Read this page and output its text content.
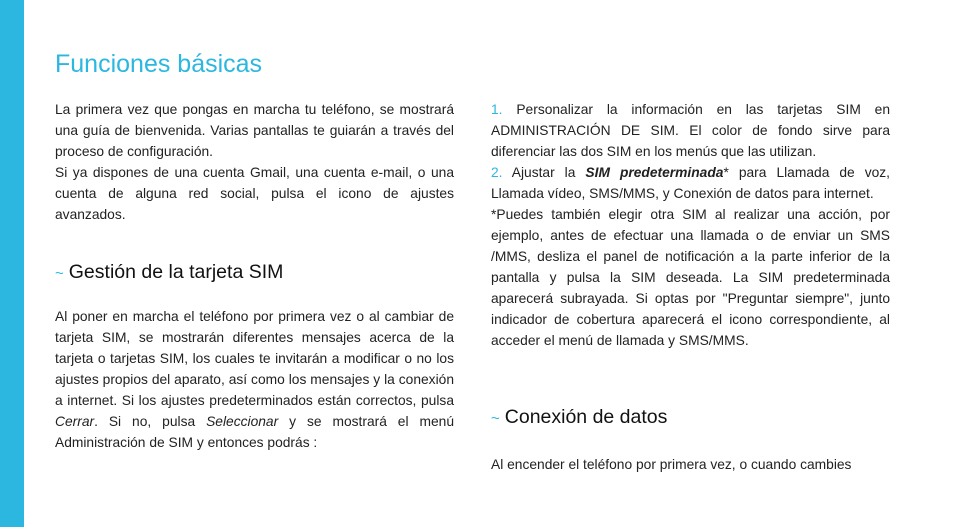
Funciones básicas

La primera vez que pongas en marcha tu teléfono, se mostrará una guía de bienvenida. Varias pantallas te guiarán a través del proceso de configuración.

Si ya dispones de una cuenta Gmail, una cuenta e-mail, o una cuenta de alguna red social, pulsa el icono de ajustes avanzados.

~ Gestión de la tarjeta SIM

Al poner en marcha el teléfono por primera vez o al cambiar de tarjeta SIM, se mostrarán diferentes mensajes acerca de la tarjeta o tarjetas SIM, los cuales te invitarán a modificar o no los ajustes propios del aparato, así como los mensajes y la conexión a internet. Si los ajustes predeterminados están correctos, pulsa Cerrar. Si no, pulsa Seleccionar y se mostrará el menú Administración de SIM y entonces podrás :

1. Personalizar la información en las tarjetas SIM en ADMINISTRACIÓN DE SIM. El color de fondo sirve para diferenciar las dos SIM en los menús que las utilizan.

2. Ajustar la SIM predeterminada* para Llamada de voz, Llamada vídeo, SMS/MMS, y Conexión de datos para internet.

*Puedes también elegir otra SIM al realizar una acción, por ejemplo, antes de efectuar una llamada o de enviar un SMS /MMS, desliza el panel de notificación a la parte inferior de la pantalla y pulsa la SIM deseada. La SIM predeterminada aparecerá subrayada. Si optas por "Preguntar siempre", junto indicador de cobertura aparecerá el icono correspondiente, al acceder el menú de llamada y SMS/MMS.

~ Conexión de datos

Al encender el teléfono por primera vez, o cuando cambies
